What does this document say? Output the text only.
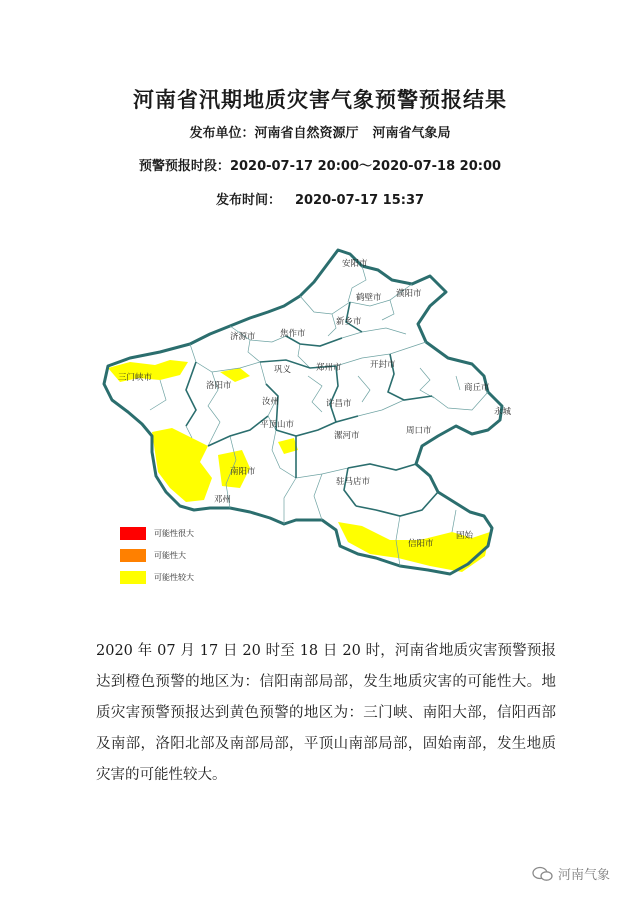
河南省汛期地质灾害气象预警预报结果
发布单位：河南省自然资源厅 河南省气象局
预警预报时段：2020-07-17 20:00～2020-07-18 20:00
发布时间： 2020-07-17 15:37
安阳市
鹤壁市 濮阳市
新乡市
焦作市
济源市
三门峡市
洛阳市
巩义	郑州市	开封市
商丘市
永城
汝州
平顶山市
许昌市
漯河市	周口市
南阳市
邓州
驻马店市
信阳市
固始
可能性很大
可能性大
可能性较大
2020 年 07 月 17 日 20 时至 18 日 20 时，河南省地质灾害预警预报达到橙色预警的地区为：信阳南部局部，发生地质灾害的可能性大。地质灾害预警预报达到黄色预警的地区为：三门峡、南阳大部，信阳西部及南部，洛阳北部及南部局部，平顶山南部局部，固始南部，发生地质灾害的可能性较大。
河南气象
